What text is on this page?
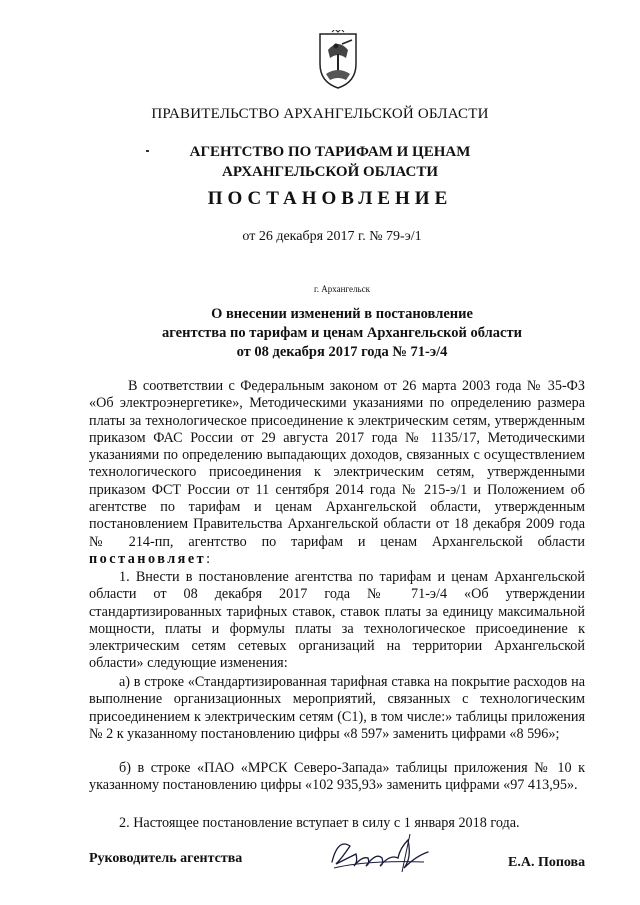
ПРАВИТЕЛЬСТВО АРХАНГЕЛЬСКОЙ ОБЛАСТИ
АГЕНТСТВО ПО ТАРИФАМ И ЦЕНАМ
АРХАНГЕЛЬСКОЙ ОБЛАСТИ
ПОСТАНОВЛЕНИЕ
от 26 декабря 2017 г. № 79-э/1
г. Архангельск
О внесении изменений в постановление
агентства по тарифам и ценам Архангельской области
от 08 декабря 2017 года № 71-э/4

В соответствии с Федеральным законом от 26 марта 2003 года № 35-ФЗ «Об электроэнергетике», Методическими указаниями по определению размера платы за технологическое присоединение к электрическим сетям, утвержденным приказом ФАС России от 29 августа 2017 года № 1135/17, Методическими указаниями по определению выпадающих доходов, связанных с осуществлением технологического присоединения к электрическим сетям, утвержденными приказом ФСТ России от 11 сентября 2014 года № 215-э/1 и Положением об агентстве по тарифам и ценам Архангельской области, утвержденным постановлением Правительства Архангельской области от 18 декабря 2009 года № 214-пп, агентство по тарифам и ценам Архангельской области постановляет:

1. Внести в постановление агентства по тарифам и ценам Архангельской области от 08 декабря 2017 года № 71-э/4 «Об утверждении стандартизированных тарифных ставок, ставок платы за единицу максимальной мощности, платы и формулы платы за технологическое присоединение к электрическим сетям сетевых организаций на территории Архангельской области» следующие изменения:

а) в строке «Стандартизированная тарифная ставка на покрытие расходов на выполнение организационных мероприятий, связанных с технологическим присоединением к электрическим сетям (С1), в том числе:» таблицы приложения № 2 к указанному постановлению цифры «8 597» заменить цифрами «8 596»;

б) в строке «ПАО «МРСК Северо-Запада» таблицы приложения № 10 к указанному постановлению цифры «102 935,93» заменить цифрами «97 413,95».

2. Настоящее постановление вступает в силу с 1 января 2018 года.

Руководитель агентства	Е.А. Попова
